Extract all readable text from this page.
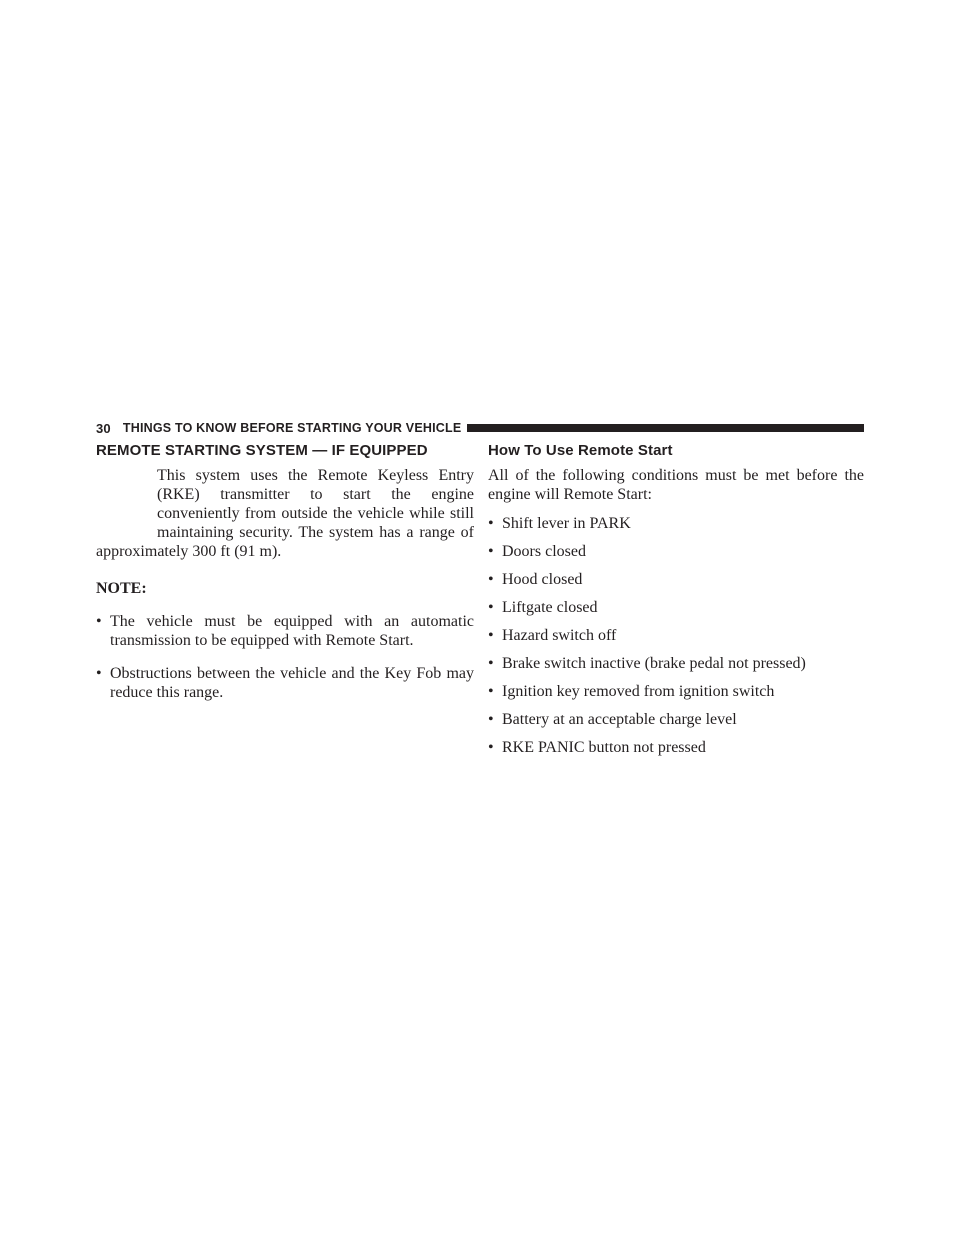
30 THINGS TO KNOW BEFORE STARTING YOUR VEHICLE
REMOTE STARTING SYSTEM — IF EQUIPPED

This system uses the Remote Keyless Entry (RKE) transmitter to start the engine conveniently from outside the vehicle while still maintaining security. The system has a range of approximately 300 ft (91 m).

NOTE:
• The vehicle must be equipped with an automatic transmission to be equipped with Remote Start.
• Obstructions between the vehicle and the Key Fob may reduce this range.
How To Use Remote Start

All of the following conditions must be met before the engine will Remote Start:

• Shift lever in PARK
• Doors closed
• Hood closed
• Liftgate closed
• Hazard switch off
• Brake switch inactive (brake pedal not pressed)
• Ignition key removed from ignition switch
• Battery at an acceptable charge level
• RKE PANIC button not pressed
